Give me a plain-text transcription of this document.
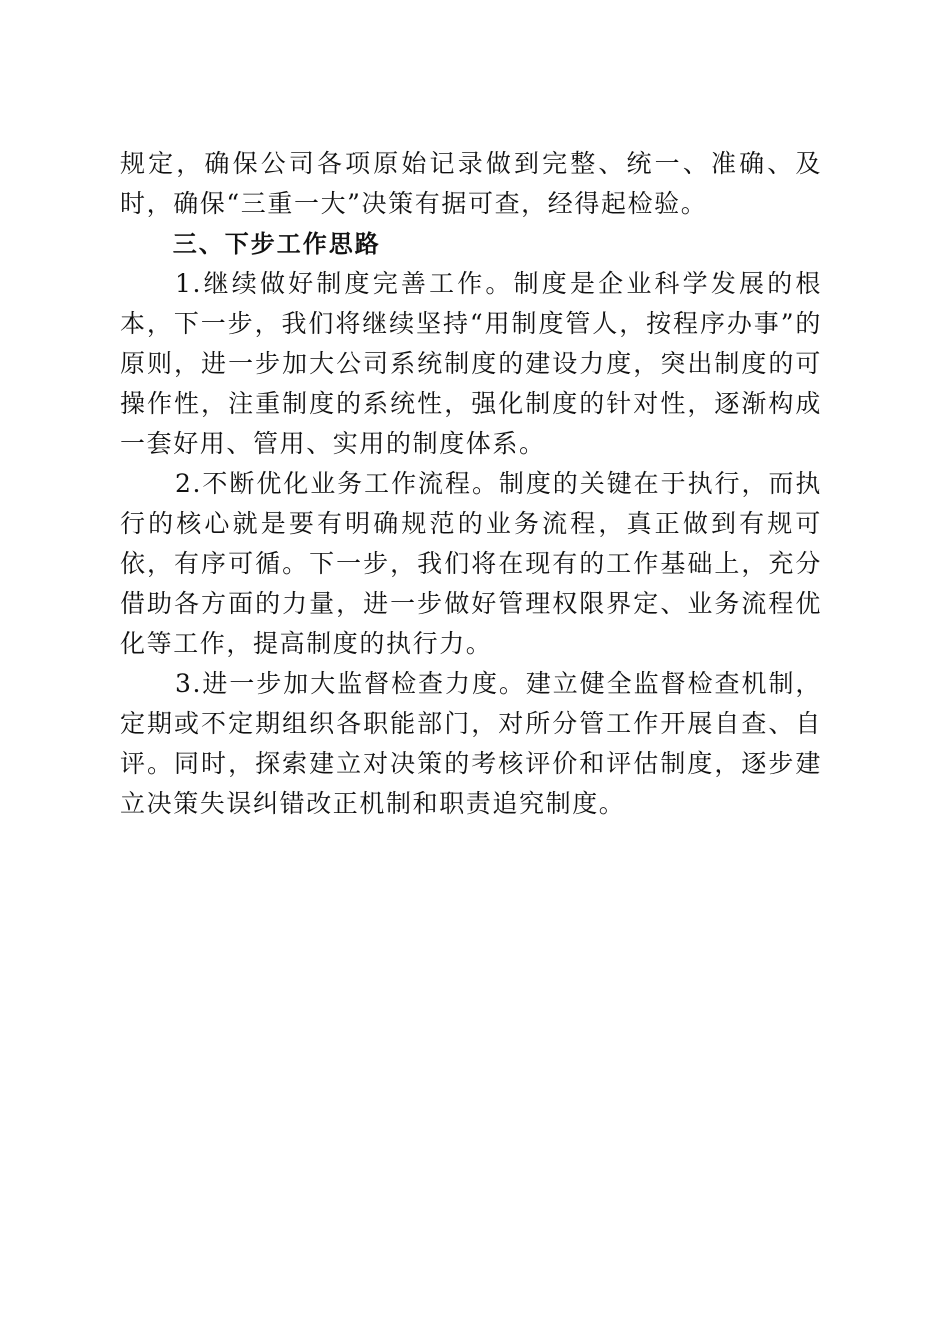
规定，确保公司各项原始记录做到完整、统一、准确、及时，确保“三重一大”决策有据可查，经得起检验。

三、下步工作思路

1.继续做好制度完善工作。制度是企业科学发展的根本，下一步，我们将继续坚持“用制度管人，按程序办事”的原则，进一步加大公司系统制度的建设力度，突出制度的可操作性，注重制度的系统性，强化制度的针对性，逐渐构成一套好用、管用、实用的制度体系。

2.不断优化业务工作流程。制度的关键在于执行，而执行的核心就是要有明确规范的业务流程，真正做到有规可依，有序可循。下一步，我们将在现有的工作基础上，充分借助各方面的力量，进一步做好管理权限界定、业务流程优化等工作，提高制度的执行力。

3.进一步加大监督检查力度。建立健全监督检查机制，定期或不定期组织各职能部门，对所分管工作开展自查、自评。同时，探索建立对决策的考核评价和评估制度，逐步建立决策失误纠错改正机制和职责追究制度。
